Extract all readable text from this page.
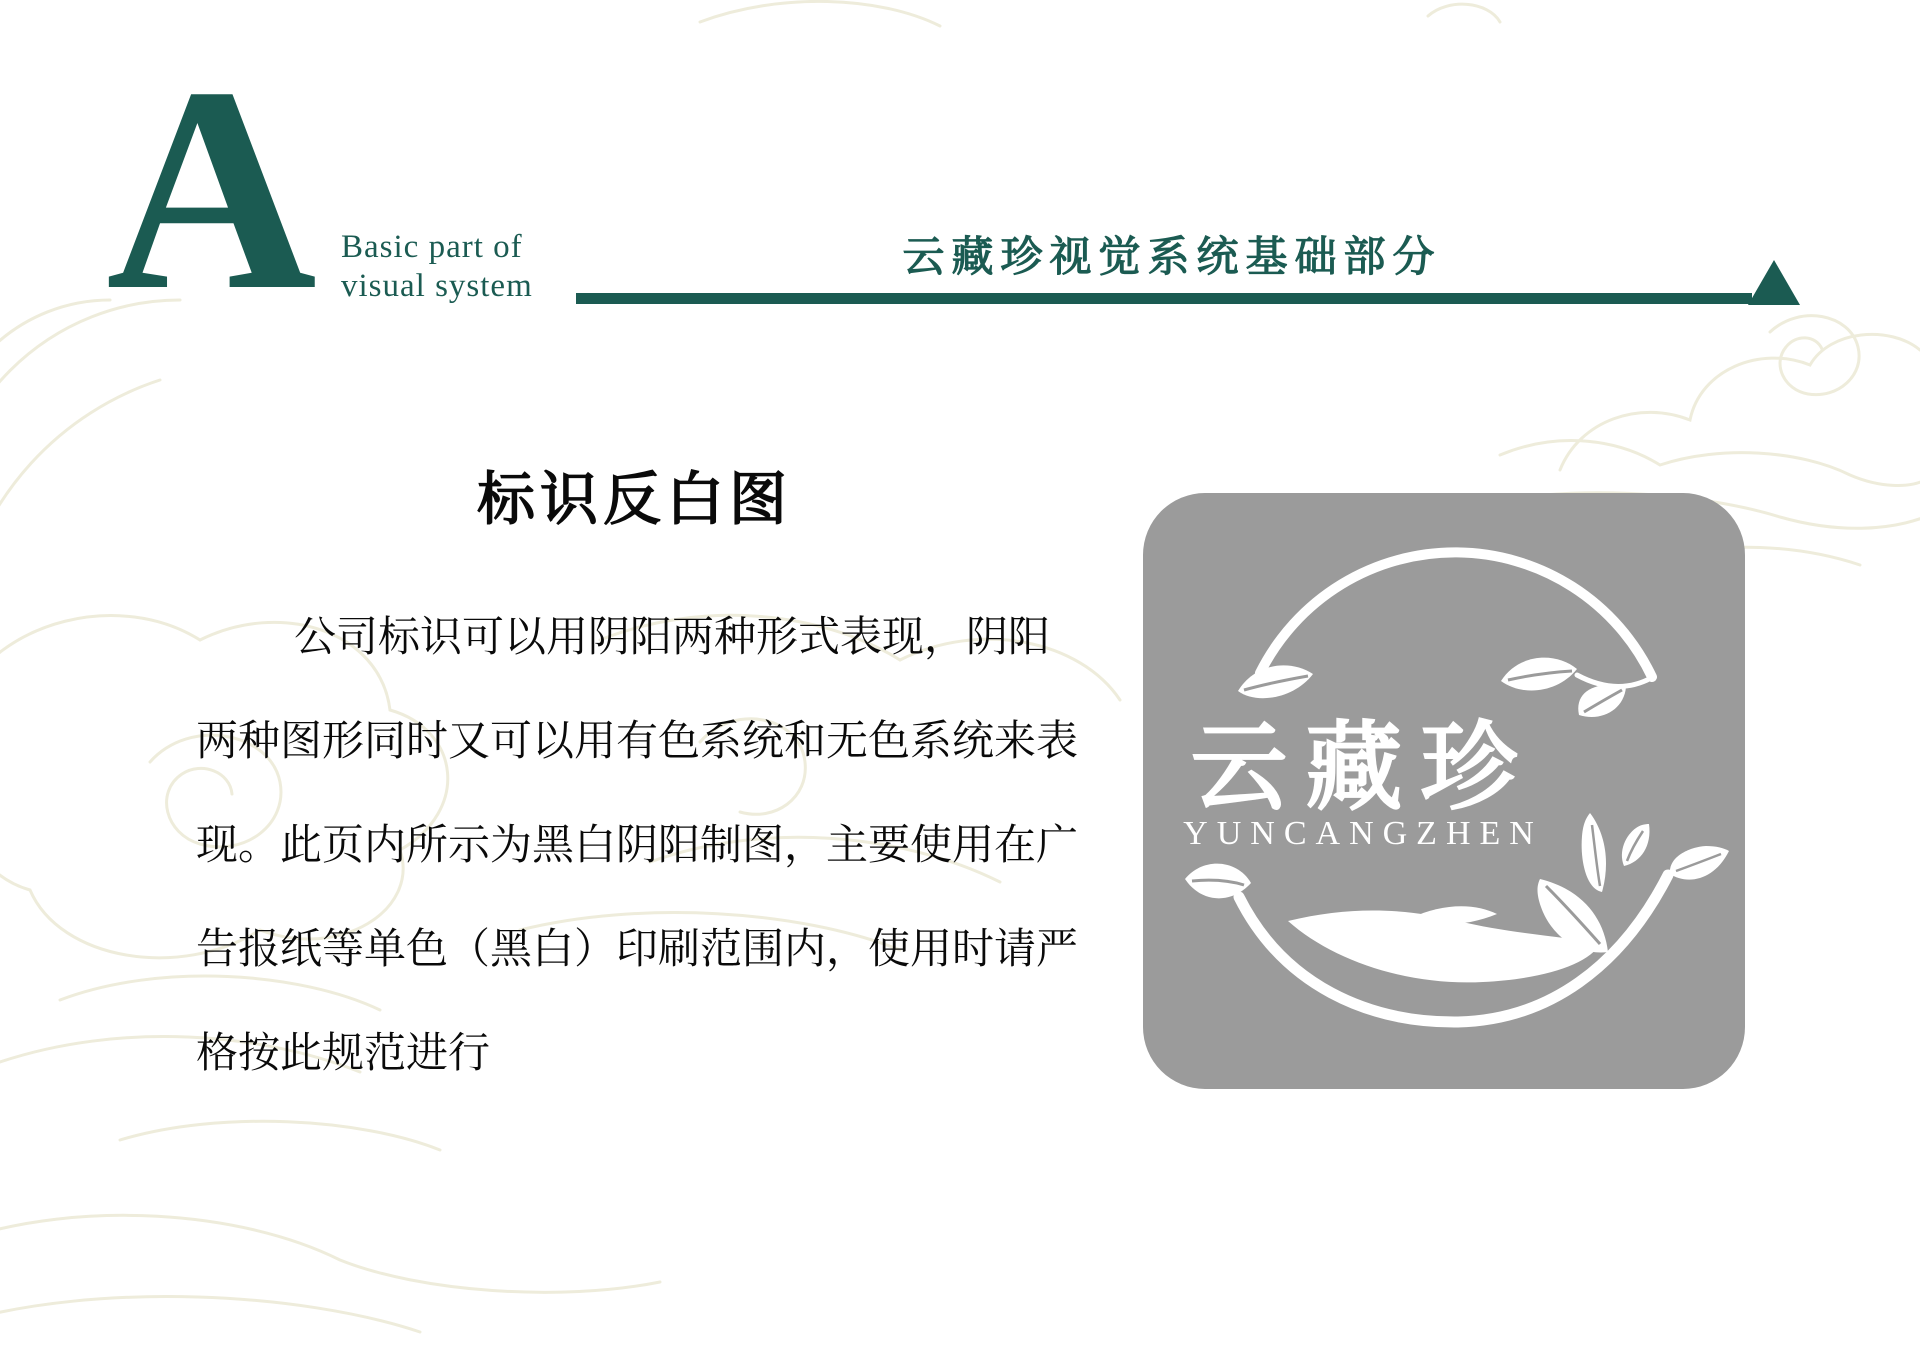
A Basic part of
visual system
云藏珍视觉系统基础部分
标识反白图
公司标识可以用阴阳两种形式表现，阴阳
两种图形同时又可以用有色系统和无色系统来表
现。此页内所示为黑白阴阳制图，主要使用在广
告报纸等单色（黑白）印刷范围内，使用时请严
格按此规范进行
云藏珍
YUNCANGZHEN
